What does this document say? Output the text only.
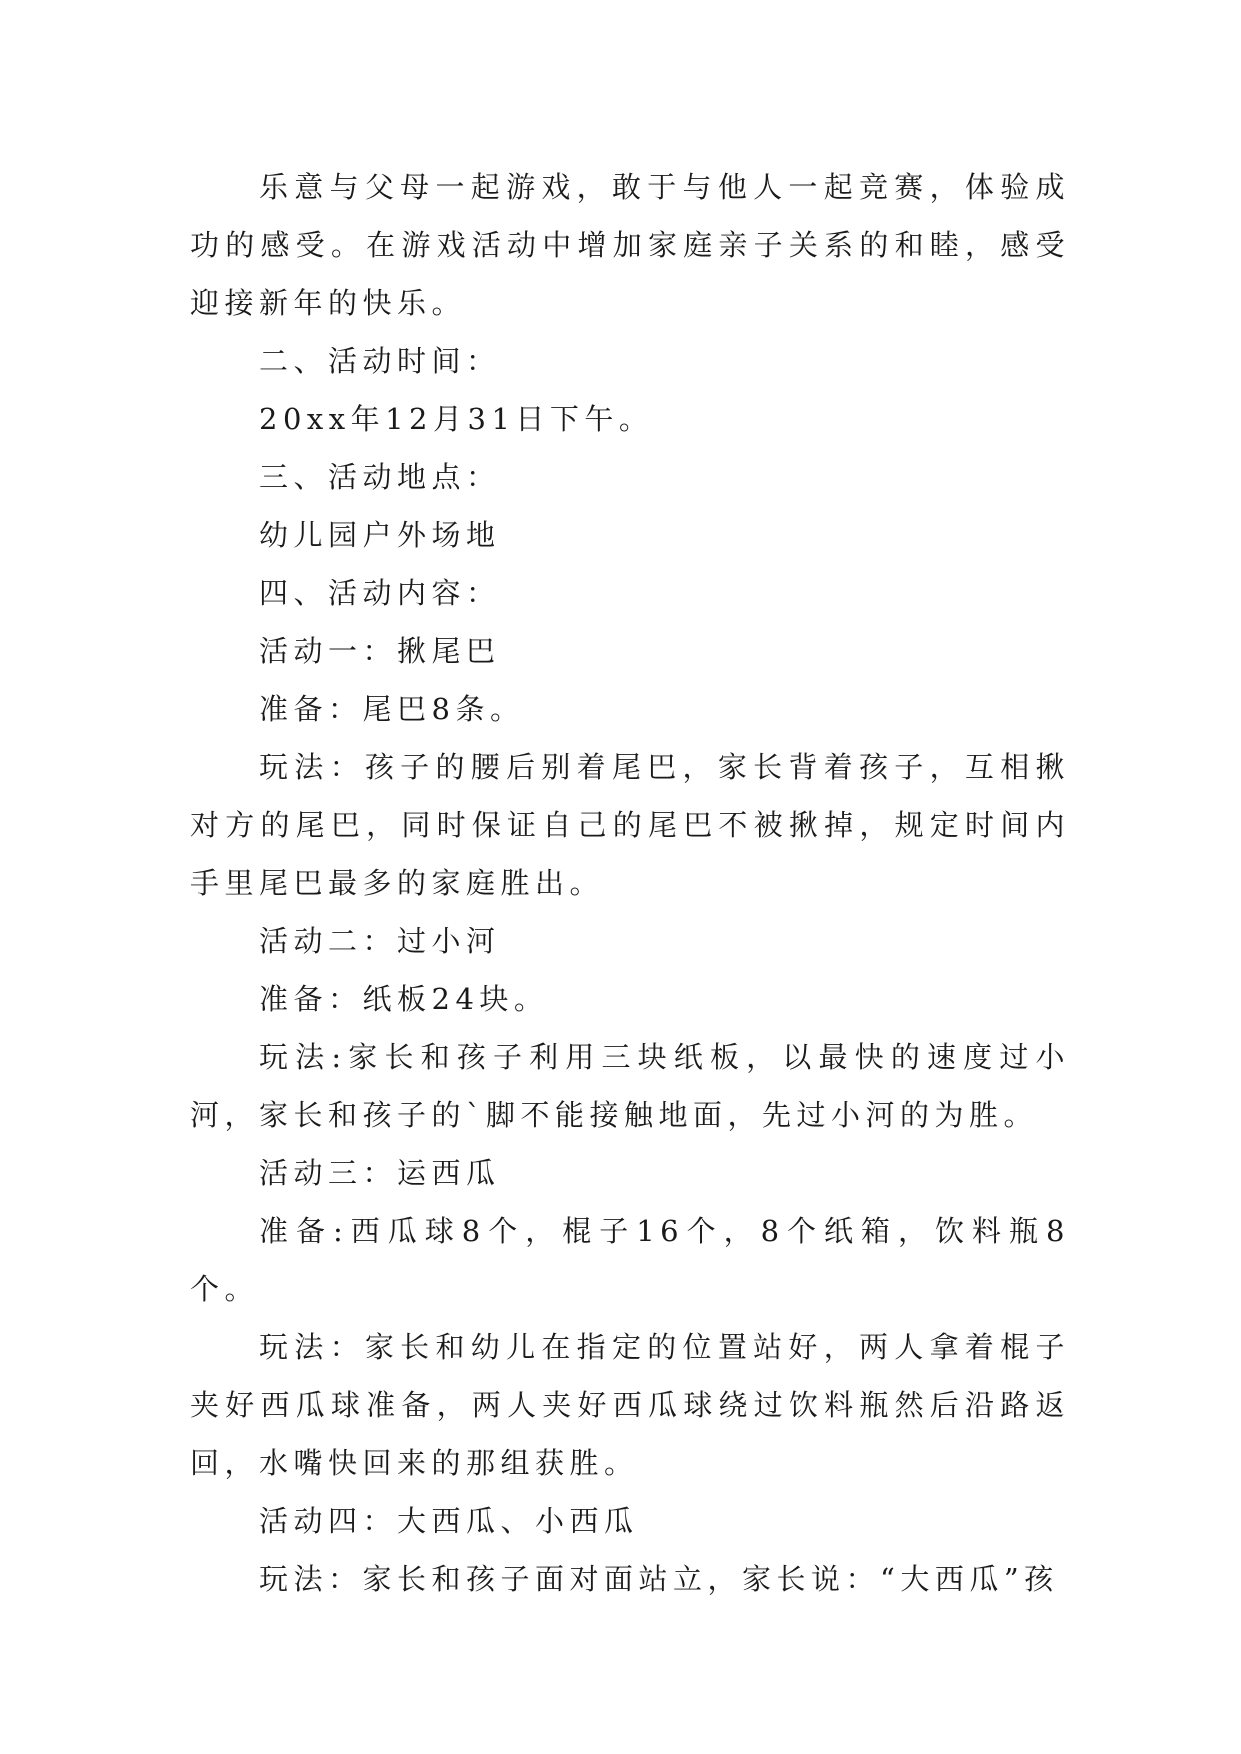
乐意与父母一起游戏，敢于与他人一起竞赛，体验成功的感受。在游戏活动中增加家庭亲子关系的和睦，感受迎接新年的快乐。

二、活动时间：

20xx年12月31日下午。

三、活动地点：

幼儿园户外场地

四、活动内容：

活动一：揪尾巴

准备：尾巴8条。

玩法：孩子的腰后别着尾巴，家长背着孩子，互相揪对方的尾巴，同时保证自己的尾巴不被揪掉，规定时间内手里尾巴最多的家庭胜出。

活动二：过小河

准备：纸板24块。

玩法:家长和孩子利用三块纸板，以最快的速度过小河，家长和孩子的`脚不能接触地面，先过小河的为胜。

活动三：运西瓜

准备:西瓜球8个，棍子16个，8个纸箱，饮料瓶8个。

玩法：家长和幼儿在指定的位置站好，两人拿着棍子夹好西瓜球准备，两人夹好西瓜球绕过饮料瓶然后沿路返回，水嘴快回来的那组获胜。

活动四：大西瓜、小西瓜

玩法：家长和孩子面对面站立，家长说：“大西瓜”孩
